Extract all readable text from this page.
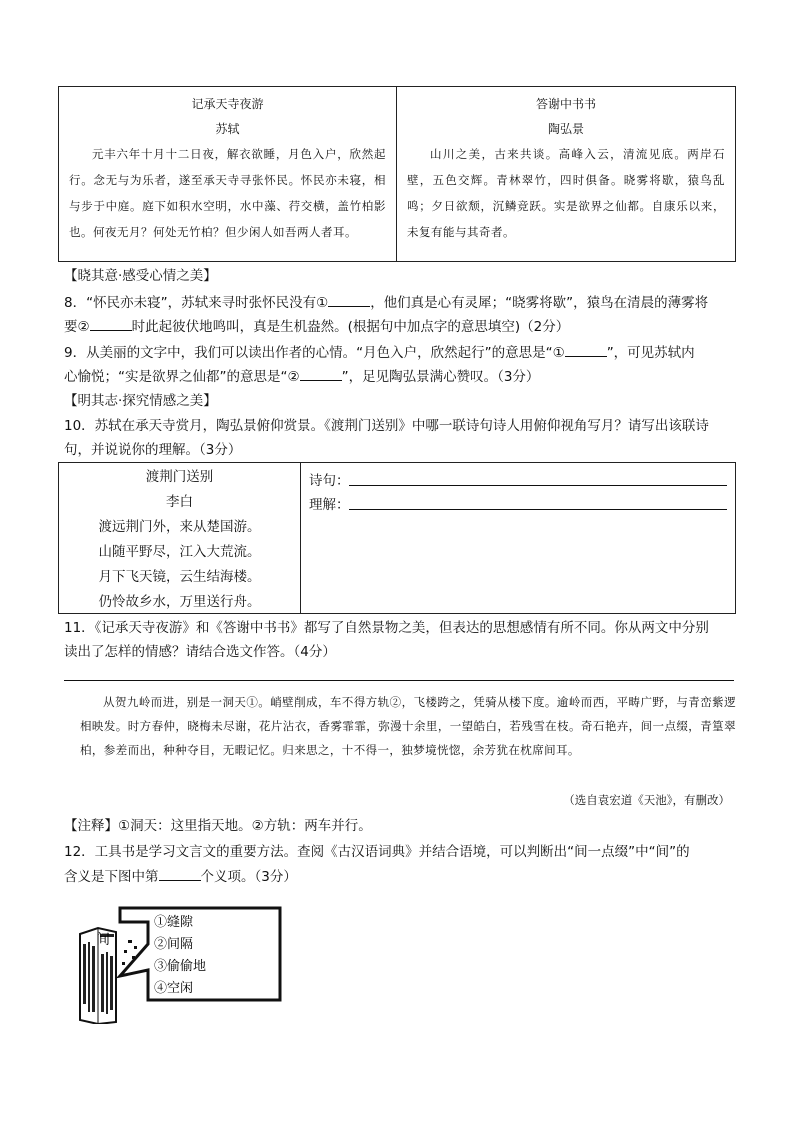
记承天寺夜游
苏轼
元丰六年十月十二日夜，解衣欲睡，月色入户，欣然起行。念无与为乐者，遂至承天寺寻张怀民。怀民亦未寝，相与步于中庭。庭下如积水空明，水中藻、荇交横，盖竹柏影也。何夜无月？何处无竹柏？但少闲人如吾两人者耳。
答谢中书书
陶弘景
山川之美，古来共谈。高峰入云，清流见底。两岸石壁，五色交辉。青林翠竹，四时俱备。晓雾将歇，猿鸟乱鸣；夕日欲颓，沉鳞竞跃。实是欲界之仙都。自康乐以来，未复有能与其奇者。
【晓其意·感受心情之美】
8．“怀民亦未寝”，苏轼来寻时张怀民没有①	，他们真是心有灵犀；“晓雾将歇”，猿鸟在清晨的薄雾将
要②	时此起彼伏地鸣叫，真是生机盎然。(根据句中加点字的意思填空)（2分）
9．从美丽的文字中，我们可以读出作者的心情。“月色入户，欣然起行”的意思是“①	”，可见苏轼内
心愉悦；“实是欲界之仙都”的意思是“②	”，足见陶弘景满心赞叹。（3分）
【明其志·探究情感之美】
10．苏轼在承天寺赏月，陶弘景俯仰赏景。《渡荆门送别》中哪一联诗句诗人用俯仰视角写月？请写出该联诗
句，并说说你的理解。（3分）
渡荆门送别
李白
渡远荆门外，来从楚国游。
山随平野尽，江入大荒流。
月下飞天镜，云生结海楼。
仍怜故乡水，万里送行舟。
诗句：
理解：
11．《记承天寺夜游》和《答谢中书书》都写了自然景物之美，但表达的思想感情有所不同。你从两文中分别
读出了怎样的情感？请结合选文作答。（4分）
从贺九岭而进，别是一洞天①。峭壁削成，车不得方轨②，飞楼跨之，凭骑从楼下度。逾岭而西，平畴广野，与青峦紫逻相映发。时方春仲，晓梅未尽谢，花片沾衣，香雾霏霏，弥漫十余里，一望皓白，若残雪在枝。奇石艳卉，间一点缀，青篁翠柏，参差而出，种种夺目，无暇记忆。归来思之，十不得一，独梦境恍惚，余芳犹在枕席间耳。
（选自袁宏道《天池》，有删改）
【注释】①洞天：这里指天地。②方轨：两车并行。
12．工具书是学习文言文的重要方法。查阅《古汉语词典》并结合语境，可以判断出“间一点缀”中“间”的
含义是下图中第	个义项。（3分）
间
①缝隙
②间隔
③偷偷地
④空闲
